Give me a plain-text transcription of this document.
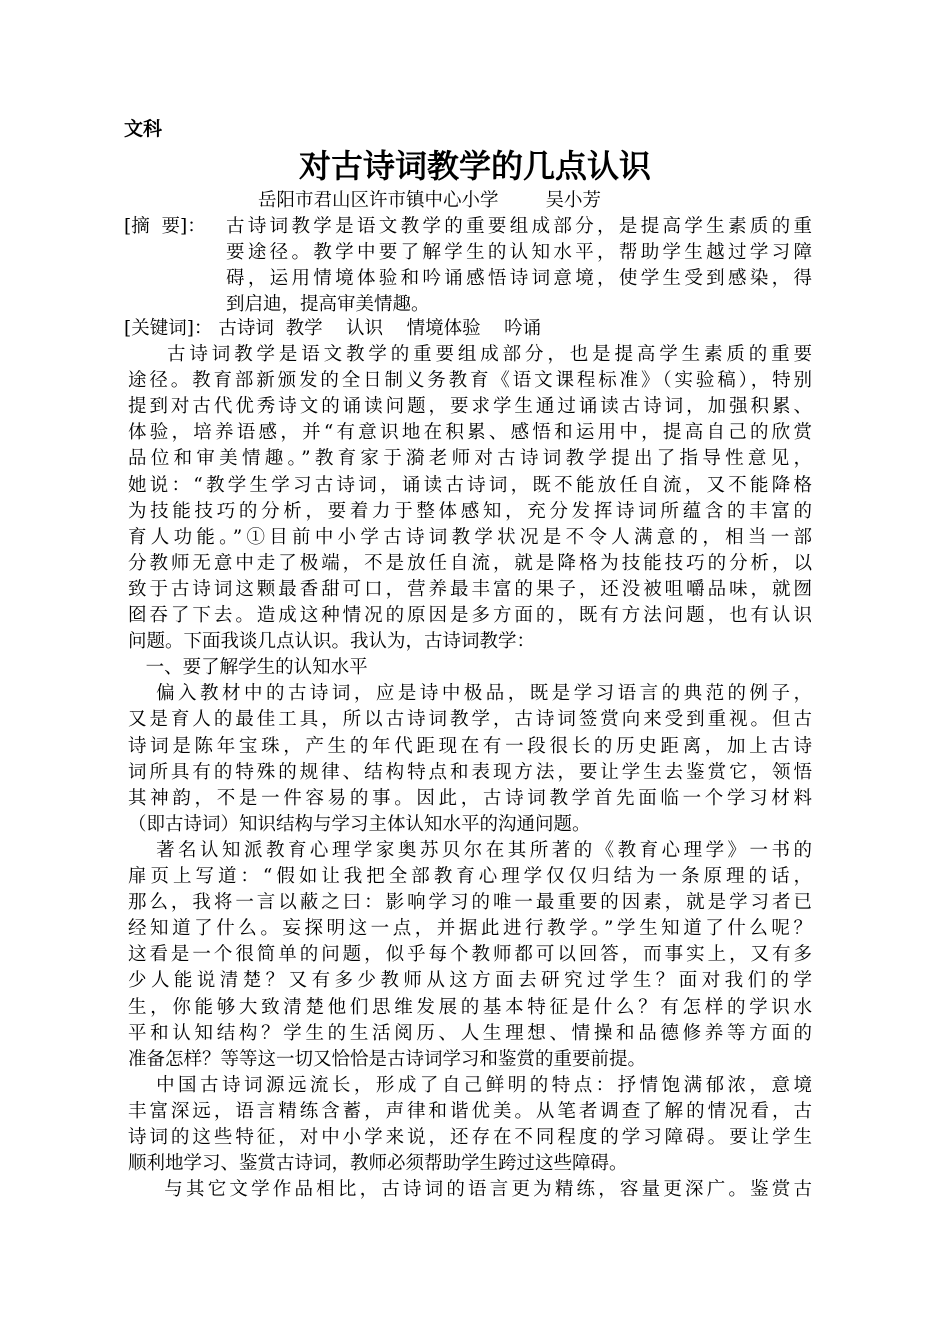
文科
对古诗词教学的几点认识
岳阳市君山区许市镇中心小学        吴小芳
[摘  要]： 古诗词教学是语文教学的重要组成部分，是提高学生素质的重
要途径。教学中要了解学生的认知水平，帮助学生越过学习障
碍，运用情境体验和吟诵感悟诗词意境，使学生受到感染，得
到启迪，提高审美情趣。
[关键词]： 古诗词  教学    认识    情境体验    吟诵
古诗词教学是语文教学的重要组成部分，也是提高学生素质的重要
途径。教育部新颁发的全日制义务教育《语文课程标准》（实验稿），特别
提到对古代优秀诗文的诵读问题，要求学生通过诵读古诗词，加强积累、
体验，培养语感，并“有意识地在积累、感悟和运用中，提高自己的欣赏
品位和审美情趣。”教育家于漪老师对古诗词教学提出了指导性意见，
她说：“教学生学习古诗词，诵读古诗词，既不能放任自流，又不能降格
为技能技巧的分析，要着力于整体感知，充分发挥诗词所蕴含的丰富的
育人功能。”①目前中小学古诗词教学状况是不令人满意的，相当一部
分教师无意中走了极端，不是放任自流，就是降格为技能技巧的分析，以
致于古诗词这颗最香甜可口，营养最丰富的果子，还没被咀嚼品味，就囫
囵吞了下去。造成这种情况的原因是多方面的，既有方法问题，也有认识
问题。下面我谈几点认识。我认为，古诗词教学：
一、要了解学生的认知水平
偏入教材中的古诗词，应是诗中极品，既是学习语言的典范的例子，
又是育人的最佳工具，所以古诗词教学，古诗词签赏向来受到重视。但古
诗词是陈年宝珠，产生的年代距现在有一段很长的历史距离，加上古诗
词所具有的特殊的规律、结构特点和表现方法，要让学生去鉴赏它，领悟
其神韵，不是一件容易的事。因此，古诗词教学首先面临一个学习材料
（即古诗词）知识结构与学习主体认知水平的沟通问题。
著名认知派教育心理学家奥苏贝尔在其所著的《教育心理学》一书的
扉页上写道：“假如让我把全部教育心理学仅仅归结为一条原理的话，
那么，我将一言以蔽之曰：影响学习的唯一最重要的因素，就是学习者已
经知道了什么。妄探明这一点，并据此进行教学。”学生知道了什么呢？
这看是一个很简单的问题，似乎每个教师都可以回答，而事实上，又有多
少人能说清楚？又有多少教师从这方面去研究过学生？面对我们的学
生，你能够大致清楚他们思维发展的基本特征是什么？有怎样的学识水
平和认知结构？学生的生活阅历、人生理想、情操和品德修养等方面的
准备怎样？等等这一切又恰恰是古诗词学习和鉴赏的重要前提。
中国古诗词源远流长，形成了自己鲜明的特点：抒情饱满郁浓，意境
丰富深远，语言精练含蓄，声律和谐优美。从笔者调查了解的情况看，古
诗词的这些特征，对中小学来说，还存在不同程度的学习障碍。要让学生
顺利地学习、鉴赏古诗词，教师必须帮助学生跨过这些障碍。
与其它文学作品相比，古诗词的语言更为精练，容量更深广。鉴赏古
